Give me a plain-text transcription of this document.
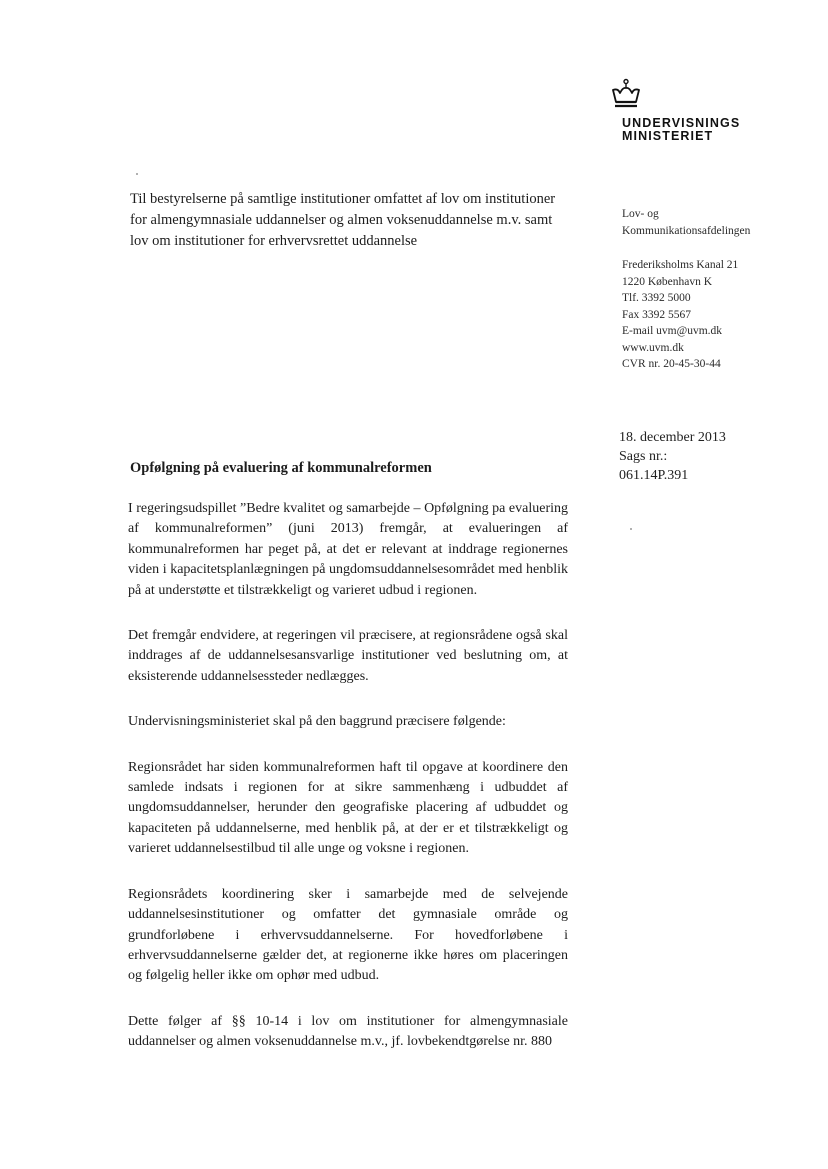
UNDERVISNINGS
MINISTERIET
Til bestyrelserne på samtlige institutioner omfattet af lov om institutioner
for almengymnasiale uddannelser og almen voksenuddannelse m.v. samt
lov om institutioner for erhvervsrettet uddannelse
Lov- og
Kommunikationsafdelingen
Frederiksholms Kanal 21
1220 København K
Tlf. 3392 5000
Fax 3392 5567
E-mail uvm@uvm.dk
www.uvm.dk
CVR nr. 20-45-30-44
18. december 2013
Sags nr.:
061.14P.391
Opfølgning på evaluering af kommunalreformen

I regeringsudspillet ”Bedre kvalitet og samarbejde – Opfølgning pa evaluering af kommunalreformen” (juni 2013) fremgår, at evalueringen af kommunalreformen har peget på, at det er relevant at inddrage regionernes viden i kapacitetsplanlægningen på ungdomsuddannelsesområdet med henblik på at understøtte et tilstrækkeligt og varieret udbud i regionen.

Det fremgår endvidere, at regeringen vil præcisere, at regionsrådene også skal inddrages af de uddannelsesansvarlige institutioner ved beslutning om, at eksisterende uddannelsessteder nedlægges.

Undervisningsministeriet skal på den baggrund præcisere følgende:

Regionsrådet har siden kommunalreformen haft til opgave at koordinere den samlede indsats i regionen for at sikre sammenhæng i udbuddet af ungdomsuddannelser, herunder den geografiske placering af udbuddet og kapaciteten på uddannelserne, med henblik på, at der er et tilstrækkeligt og varieret uddannelsestilbud til alle unge og voksne i regionen.

Regionsrådets koordinering sker i samarbejde med de selvejende uddannelsesinstitutioner og omfatter det gymnasiale område og grundforløbene i erhvervsuddannelserne. For hovedforløbene i erhvervsuddannelserne gælder det, at regionerne ikke høres om placeringen og følgelig heller ikke om ophør med udbud.

Dette følger af §§ 10-14 i lov om institutioner for almengymnasiale uddannelser og almen voksenuddannelse m.v., jf. lovbekendtgørelse nr. 880
